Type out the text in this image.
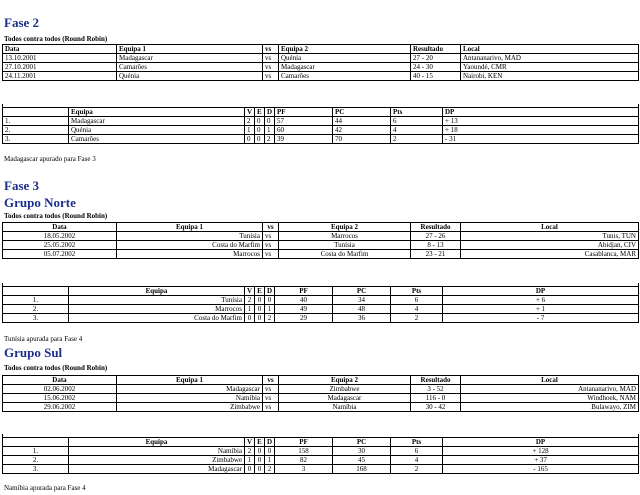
Fase 2
Todos contra todos (Round Robin)
Data	Equipa 1	vs	Equipa 2	Resultado	Local
13.10.2001	Madagascar	vs	Quénia	27 - 20	Antananarivo, MAD
27.10.2001	Camarões	vs	Madagascar	24 - 30	Yaoundé, CMR
24.11.2001	Quénia	vs	Camarões	40 - 15	Nairobi, KEN

	Equipa	V	E	D	PF	PC	Pts	DP
1.	Madagascar	2	0	0	57	44	6	+ 13
2.	Quénia	1	0	1	60	42	4	+ 18
3.	Camarões	0	0	2	39	70	2	- 31
Madagascar apurado para Fase 3
Fase 3
Grupo Norte
Todos contra todos (Round Robin)
Data	Equipa 1	vs	Equipa 2	Resultado	Local
18.05.2002	Tunísia	vs	Marrocos	27 - 26	Tunis, TUN
25.05.2002	Costa do Marfim	vs	Tunísia	8 - 13	Abidjan, CIV
05.07.2002	Marrocos	vs	Costa do Marfim	23 - 21	Casablanca, MAR

	Equipa	V	E	D	PF	PC	Pts	DP
1.	Tunísia	2	0	0	40	34	6	+ 6
2.	Marrocos	1	0	1	49	48	4	+ 1
3.	Costa do Marfim	0	0	2	29	36	2	- 7
Tunísia apurada para Fase 4
Grupo Sul
Todos contra todos (Round Robin)
Data	Equipa 1	vs	Equipa 2	Resultado	Local
02.06.2002	Madagascar	vs	Zimbabwe	3 - 52	Antananarivo, MAD
15.06.2002	Namíbia	vs	Madagascar	116 - 0	Windhoek, NAM
29.06.2002	Zimbabwe	vs	Namíbia	30 - 42	Bulawayo, ZIM

	Equipa	V	E	D	PF	PC	Pts	DP
1.	Namíbia	2	0	0	158	30	6	+ 128
2.	Zimbabwe	1	0	1	82	45	4	+ 37
3.	Madagascar	0	0	2	3	168	2	- 165
Namíbia apurada para Fase 4
